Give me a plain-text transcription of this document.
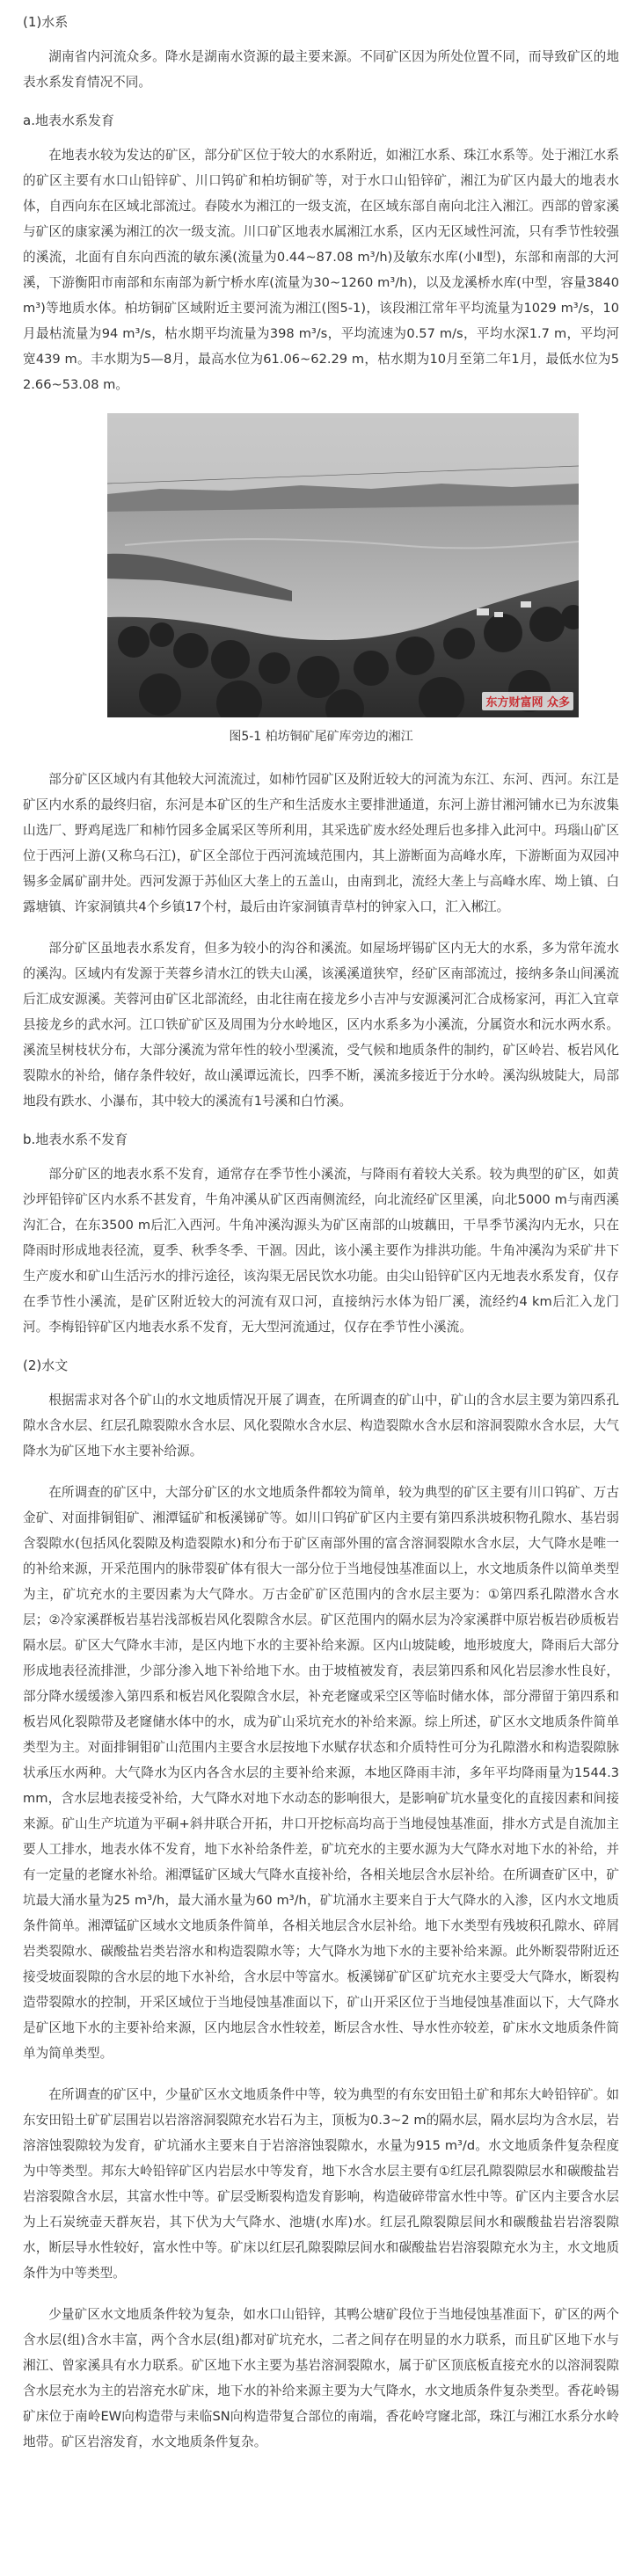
(1)水系

湖南省内河流众多。降水是湖南水资源的最主要来源。不同矿区因为所处位置不同，而导致矿区的地表水系发育情况不同。

a.地表水系发育

在地表水较为发达的矿区，部分矿区位于较大的水系附近，如湘江水系、珠江水系等。处于湘江水系的矿区主要有水口山铅锌矿、川口钨矿和柏坊铜矿等，对于水口山铅锌矿，湘江为矿区内最大的地表水体，自西向东在区域北部流过。舂陵水为湘江的一级支流，在区域东部自南向北注入湘江。西部的曾家溪与矿区的康家溪为湘江的次一级支流。川口矿区地表水属湘江水系，区内无区域性河流，只有季节性较强的溪流，北面有自东向西流的敏东溪(流量为0.44~87.08 m³/h)及敏东水库(小Ⅱ型)，东部和南部的大河溪，下游衡阳市南部和东南部为新宁桥水库(流量为30~1260 m³/h)，以及龙溪桥水库(中型，容量3840 m³)等地质水体。柏坊铜矿区域附近主要河流为湘江(图5-1)，该段湘江常年平均流量为1029 m³/s，10月最枯流量为94 m³/s，枯水期平均流量为398 m³/s，平均流速为0.57 m/s，平均水深1.7 m，平均河宽439 m。丰水期为5—8月，最高水位为61.06~62.29 m，枯水期为10月至第二年1月，最低水位为52.66~53.08 m。

东方财富网 众多
图5-1 柏坊铜矿尾矿库旁边的湘江

部分矿区区域内有其他较大河流流过，如柿竹园矿区及附近较大的河流为东江、东河、西河。东江是矿区内水系的最终归宿，东河是本矿区的生产和生活废水主要排泄通道，东河上游甘湘河铺水已为东波集山选厂、野鸡尾选厂和柿竹园多金属采区等所利用，其采选矿废水经处理后也多排入此河中。玛瑙山矿区位于西河上游(又称乌石江)，矿区全部位于西河流域范围内，其上游断面为高峰水库，下游断面为双园冲锡多金属矿副井处。西河发源于苏仙区大垄上的五盖山，由南到北，流经大垄上与高峰水库、坳上镇、白露塘镇、许家洞镇共4个乡镇17个村，最后由许家洞镇青草村的钟家入口，汇入郴江。

部分矿区虽地表水系发育，但多为较小的沟谷和溪流。如屋场坪锡矿区内无大的水系，多为常年流水的溪沟。区域内有发源于芙蓉乡清水江的铁夫山溪，该溪溪道狭窄，经矿区南部流过，接纳多条山间溪流后汇成安源溪。芙蓉河由矿区北部流经，由北往南在接龙乡小吉冲与安源溪河汇合成杨家河，再汇入宜章县接龙乡的武水河。江口铁矿矿区及周围为分水岭地区，区内水系多为小溪流，分属资水和沅水两水系。溪流呈树枝状分布，大部分溪流为常年性的较小型溪流，受气候和地质条件的制约，矿区岭岩、板岩风化裂隙水的补给，储存条件较好，故山溪谭远流长，四季不断，溪流多接近于分水岭。溪沟纵坡陡大，局部地段有跌水、小瀑布，其中较大的溪流有1号溪和白竹溪。

b.地表水系不发育

部分矿区的地表水系不发育，通常存在季节性小溪流，与降雨有着较大关系。较为典型的矿区，如黄沙坪铅锌矿区内水系不甚发育，牛角冲溪从矿区西南侧流经，向北流经矿区里溪，向北5000 m与南西溪沟汇合，在东3500 m后汇入西河。牛角冲溪沟源头为矿区南部的山坡藕田，干旱季节溪沟内无水，只在降雨时形成地表径流，夏季、秋季冬季、干涸。因此，该小溪主要作为排洪功能。牛角冲溪沟为采矿井下生产废水和矿山生活污水的排污途径，该沟渠无居民饮水功能。由尖山铅锌矿区内无地表水系发育，仅存在季节性小溪流，是矿区附近较大的河流有双口河，直接纳污水体为铅厂溪，流经约4 km后汇入龙门河。李梅铅锌矿区内地表水系不发育，无大型河流通过，仅存在季节性小溪流。

(2)水文

根据需求对各个矿山的水文地质情况开展了调查，在所调查的矿山中，矿山的含水层主要为第四系孔隙水含水层、红层孔隙裂隙水含水层、风化裂隙水含水层、构造裂隙水含水层和溶洞裂隙水含水层，大气降水为矿区地下水主要补给源。

在所调查的矿区中，大部分矿区的水文地质条件都较为简单，较为典型的矿区主要有川口钨矿、万古金矿、对面排铜钼矿、湘潭锰矿和板溪锑矿等。如川口钨矿矿区内主要有第四系洪坡积物孔隙水、基岩弱含裂隙水(包括风化裂隙及构造裂隙水)和分布于矿区南部外围的富含溶洞裂隙水含水层，大气降水是唯一的补给来源，开采范围内的脉带裂矿体有很大一部分位于当地侵蚀基准面以上，水文地质条件以简单类型为主，矿坑充水的主要因素为大气降水。万古金矿矿区范围内的含水层主要为：①第四系孔隙潜水含水层；②冷家溪群板岩基岩浅部板岩风化裂隙含水层。矿区范围内的隔水层为冷家溪群中原岩板岩砂质板岩隔水层。矿区大气降水丰沛，是区内地下水的主要补给来源。区内山坡陡峻，地形坡度大，降雨后大部分形成地表径流排泄，少部分渗入地下补给地下水。由于坡植被发育，表层第四系和风化岩层渗水性良好，部分降水缓缓渗入第四系和板岩风化裂隙含水层，补充老窿或采空区等临时储水体，部分滞留于第四系和板岩风化裂隙带及老窿储水体中的水，成为矿山采坑充水的补给来源。综上所述，矿区水文地质条件简单类型为主。对面排铜钼矿山范围内主要含水层按地下水赋存状态和介质特性可分为孔隙潜水和构造裂隙脉状承压水两种。大气降水为区内各含水层的主要补给来源，本地区降雨丰沛，多年平均降雨量为1544.3 mm，含水层地表接受补给，大气降水对地下水动态的影响很大，是影响矿坑水量变化的直接因素和间接来源。矿山生产坑道为平硐+斜井联合开拓，井口开挖标高均高于当地侵蚀基准面，排水方式是自流加主要人工排水，地表水体不发育，地下水补给条件差，矿坑充水的主要水源为大气降水对地下水的补给，并有一定量的老窿水补给。湘潭锰矿区域大气降水直接补给，各相关地层含水层补给。在所调查矿区中，矿坑最大涌水量为25 m³/h，最大涌水量为60 m³/h，矿坑涌水主要来自于大气降水的入渗，区内水文地质条件简单。湘潭锰矿区域水文地质条件简单，各相关地层含水层补给。地下水类型有残坡积孔隙水、碎屑岩类裂隙水、碳酸盐岩类岩溶水和构造裂隙水等；大气降水为地下水的主要补给来源。此外断裂带附近还接受坡面裂隙的含水层的地下水补给，含水层中等富水。板溪锑矿矿区矿坑充水主要受大气降水，断裂构造带裂隙水的控制，开采区域位于当地侵蚀基准面以下，矿山开采区位于当地侵蚀基准面以下，大气降水是矿区地下水的主要补给来源，区内地层含水性较差，断层含水性、导水性亦较差，矿床水文地质条件简单为简单类型。

在所调查的矿区中，少量矿区水文地质条件中等，较为典型的有东安田铅土矿和邦东大岭铅锌矿。如东安田铅土矿矿层围岩以岩溶溶洞裂隙充水岩石为主，顶板为0.3~2 m的隔水层，隔水层均为含水层，岩溶溶蚀裂隙较为发育，矿坑涌水主要来自于岩溶溶蚀裂隙水，水量为915 m³/d。水文地质条件复杂程度为中等类型。邦东大岭铅锌矿区内岩层水中等发育，地下水含水层主要有①红层孔隙裂隙层水和碳酸盐岩岩溶裂隙含水层，其富水性中等。矿层受断裂构造发育影响，构造破碎带富水性中等。矿区内主要含水层为上石炭统壶天群灰岩，其下伏为大气降水、池塘(水库)水。红层孔隙裂隙层间水和碳酸盐岩岩溶裂隙水，断层导水性较好，富水性中等。矿床以红层孔隙裂隙层间水和碳酸盐岩岩溶裂隙充水为主，水文地质条件为中等类型。

少量矿区水文地质条件较为复杂，如水口山铅锌，其鸭公塘矿段位于当地侵蚀基准面下，矿区的两个含水层(组)含水丰富，两个含水层(组)都对矿坑充水，二者之间存在明显的水力联系，而且矿区地下水与湘江、曾家溪具有水力联系。矿区地下水主要为基岩溶洞裂隙水，属于矿区顶底板直接充水的以溶洞裂隙含水层充水为主的岩溶充水矿床，地下水的补给来源主要为大气降水，水文地质条件复杂类型。香花岭锡矿床位于南岭EW向构造带与耒临SN向构造带复合部位的南端，香花岭穹窿北部，珠江与湘江水系分水岭地带。矿区岩溶发育，水文地质条件复杂。
